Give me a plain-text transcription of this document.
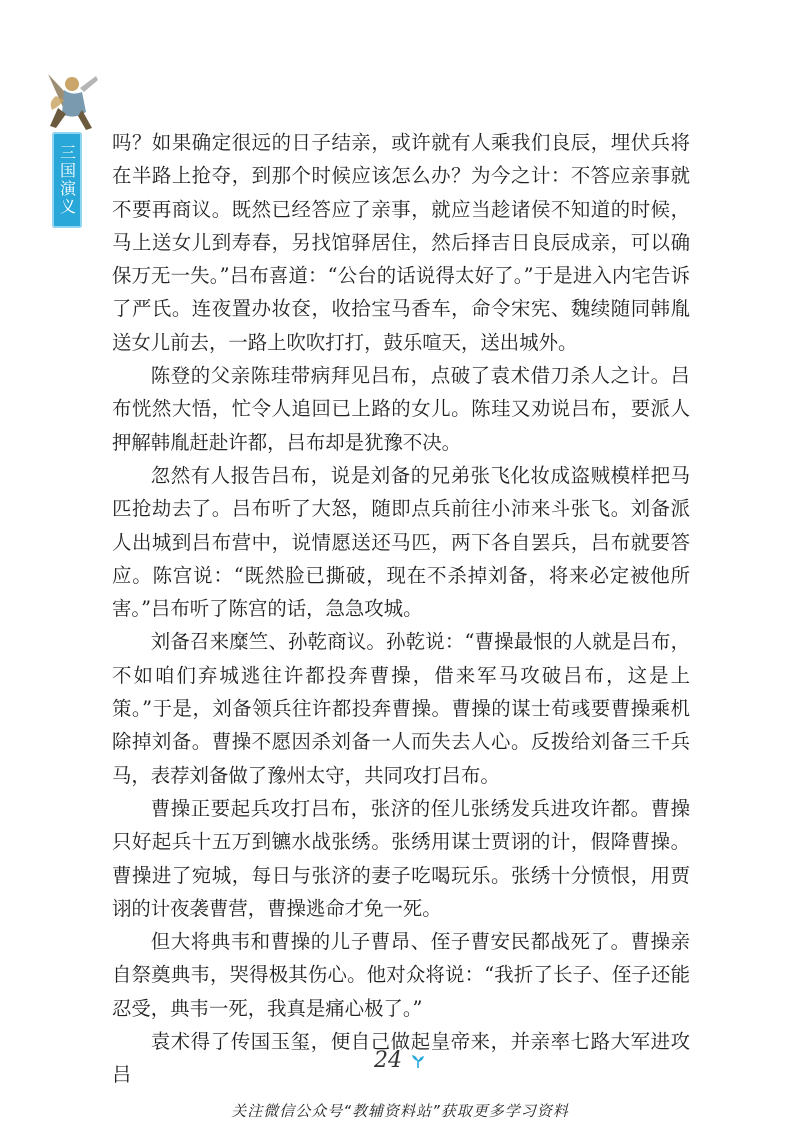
三国演义

吗？如果确定很远的日子结亲，或许就有人乘我们良辰，埋伏兵将在半路上抢夺，到那个时候应该怎么办？为今之计：不答应亲事就不要再商议。既然已经答应了亲事，就应当趁诸侯不知道的时候，马上送女儿到寿春，另找馆驿居住，然后择吉日良辰成亲，可以确保万无一失。”吕布喜道：“公台的话说得太好了。”于是进入内宅告诉了严氏。连夜置办妆奁，收拾宝马香车，命令宋宪、魏续随同韩胤送女儿前去，一路上吹吹打打，鼓乐喧天，送出城外。

陈登的父亲陈珪带病拜见吕布，点破了袁术借刀杀人之计。吕布恍然大悟，忙令人追回已上路的女儿。陈珪又劝说吕布，要派人押解韩胤赶赴许都，吕布却是犹豫不决。

忽然有人报告吕布，说是刘备的兄弟张飞化妆成盗贼模样把马匹抢劫去了。吕布听了大怒，随即点兵前往小沛来斗张飞。刘备派人出城到吕布营中，说情愿送还马匹，两下各自罢兵，吕布就要答应。陈宫说：“既然脸已撕破，现在不杀掉刘备，将来必定被他所害。”吕布听了陈宫的话，急急攻城。

刘备召来糜竺、孙乾商议。孙乾说：“曹操最恨的人就是吕布，不如咱们弃城逃往许都投奔曹操，借来军马攻破吕布，这是上策。”于是，刘备领兵往许都投奔曹操。曹操的谋士荀彧要曹操乘机除掉刘备。曹操不愿因杀刘备一人而失去人心。反拨给刘备三千兵马，表荐刘备做了豫州太守，共同攻打吕布。

曹操正要起兵攻打吕布，张济的侄儿张绣发兵进攻许都。曹操只好起兵十五万到镳水战张绣。张绣用谋士贾诩的计，假降曹操。曹操进了宛城，每日与张济的妻子吃喝玩乐。张绣十分愤恨，用贾诩的计夜袭曹营，曹操逃命才免一死。

但大将典韦和曹操的儿子曹昂、侄子曹安民都战死了。曹操亲自祭奠典韦，哭得极其伤心。他对众将说：“我折了长子、侄子还能忍受，典韦一死，我真是痛心极了。”

袁术得了传国玉玺，便自己做起皇帝来，并亲率七路大军进攻吕

24
关注微信公众号“教辅资料站”获取更多学习资料
